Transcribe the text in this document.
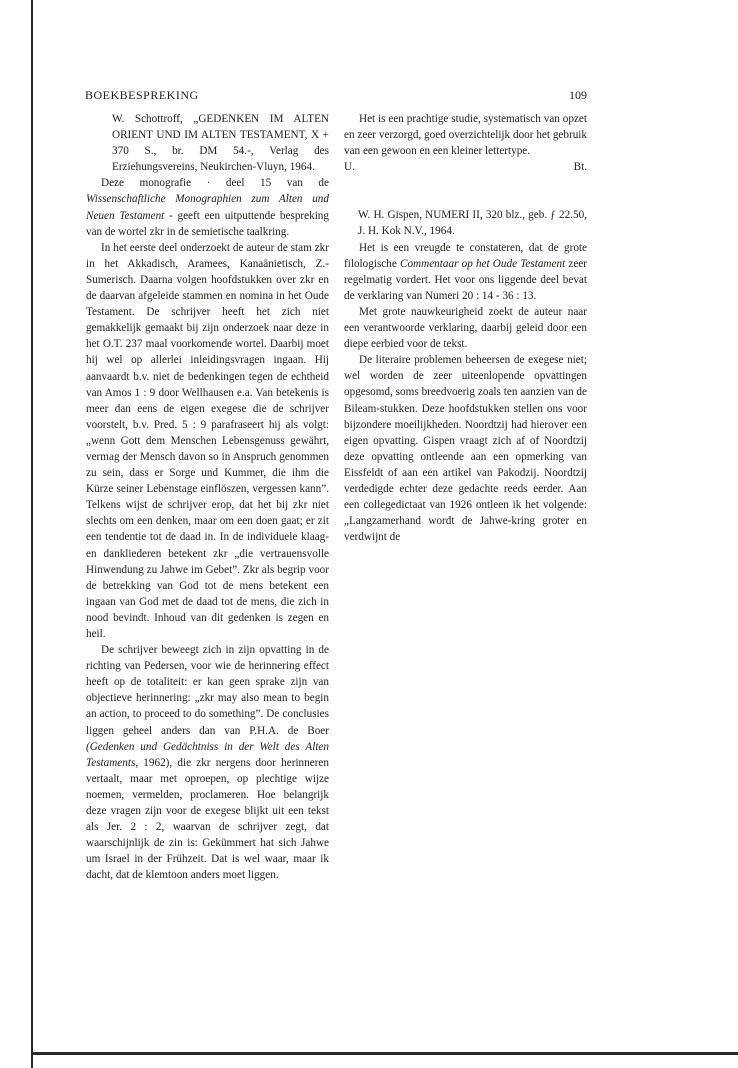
BOEKBESPREKING	109

W. Schottroff, „GEDENKEN IM ALTEN ORIENT UND IM ALTEN TESTAMENT, X + 370 S., br. DM 54.-, Verlag des Erziehungsvereins, Neukirchen-Vluyn, 1964.

Deze monografie · deel 15 van de Wissenschaftliche Monographien zum Alten und Neuen Testament - geeft een uitputtende bespreking van de wortel zkr in de semietische taalkring.

In het eerste deel onderzoekt de auteur de stam zkr in het Akkadisch, Aramees, Kanaänietisch, Z.-Sumerisch. Daarna volgen hoofdstukken over zkr en de daarvan afgeleide stammen en nomina in het Oude Testament. De schrijver heeft het zich niet gemakkelijk gemaakt bij zijn onderzoek naar deze in het O.T. 237 maal voorkomende wortel. Daarbij moet hij wel op allerlei inleidingsvragen ingaan. Hij aanvaardt b.v. niet de bedenkingen tegen de echtheid van Amos 1 : 9 door Wellhausen e.a. Van betekenis is meer dan eens de eigen exegese die de schrijver voorstelt, b.v. Pred. 5 : 9 parafraseert hij als volgt: „wenn Gott dem Menschen Lebensgenuss gewährt, vermag der Mensch davon so in Anspruch genommen zu sein, dass er Sorge und Kummer, die ihm die Kürze seiner Lebenstage einflöszen, vergessen kann”. Telkens wijst de schrijver erop, dat het bij zkr niet slechts om een denken, maar om een doen gaat; er zit een tendentie tot de daad in. In de individuele klaag- en dankliederen betekent zkr „die vertrauensvolle Hinwendung zu Jahwe im Gebet”. Zkr als begrip voor de betrekking van God tot de mens betekent een ingaan van God met de daad tot de mens, die zich in nood bevindt. Inhoud van dit gedenken is zegen en heil.

De schrijver beweegt zich in zijn opvatting in de richting van Pedersen, voor wie de herinnering effect heeft op de totaliteit: er kan geen sprake zijn van objectieve herinnering: „zkr may also mean to begin an action, to proceed to do something”. De conclusies liggen geheel anders dan van P.H.A. de Boer (Gedenken und Gedächtniss in der Welt des Alten Testaments, 1962), die zkr nergens door herinneren vertaalt, maar met oproepen, op plechtige wijze noemen, vermelden, proclameren. Hoe belangrijk deze vragen zijn voor de exegese blijkt uit een tekst als Jer. 2 : 2, waarvan de schrijver zegt, dat waarschijnlijk de zin is: Gekümmert hat sich Jahwe um Israel in der Frühzeit. Dat is wel waar, maar ik dacht, dat de klemtoon anders moet liggen.

Het is een prachtige studie, systematisch van opzet en zeer verzorgd, goed overzichtelijk door het gebruik van een gewoon en een kleiner lettertype.

U.	Bt.

W. H. Gispen, NUMERI II, 320 blz., geb. ƒ 22.50, J. H. Kok N.V., 1964.

Het is een vreugde te constateren, dat de grote filologische Commentaar op het Oude Testament zeer regelmatig vordert. Het voor ons liggende deel bevat de verklaring van Numeri 20 : 14 - 36 : 13.

Met grote nauwkeurigheid zoekt de auteur naar een verantwoorde verklaring, daarbij geleid door een diepe eerbied voor de tekst.

De literaire problemen beheersen de exegese niet; wel worden de zeer uiteenlopende opvattingen opgesomd, soms breedvoerig zoals ten aanzien van de Bileam-stukken. Deze hoofdstukken stellen ons voor bijzondere moeilijkheden. Noordtzij had hierover een eigen opvatting. Gispen vraagt zich af of Noordtzij deze opvatting ontleende aan een opmerking van Eissfeldt of aan een artikel van Pakodzij. Noordtzij verdedigde echter deze gedachte reeds eerder. Aan een collegedictaat van 1926 ontleen ik het volgende: „Langzamerhand wordt de Jahwe-kring groter en verdwijnt de
